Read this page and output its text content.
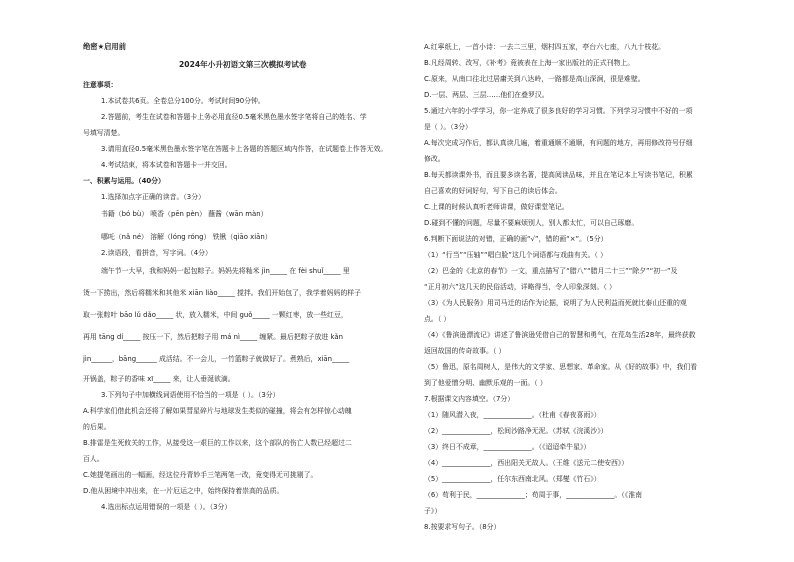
绝密★启用前
2024年小升初语文第三次模拟考试卷
注意事项：
1.本试卷共6页。全卷总分100分。考试时间90分钟。
2.答题前，考生在试卷和答题卡上务必用直径0.5毫米黑色墨水签字笔将自己的姓名、学
号填写清楚。
3.请用直径0.5毫米黑色墨水签字笔在答题卡上各题的答题区域内作答，在试题卷上作答无效。
4.考试结束，将本试卷和答题卡一并交回。
一、积累与运用。（40分）
1.选择加点字正确的读音。（3分）
书籍（bó bù） 喷香（pēn pèn） 蘸酱（wān màn）
哪吒（nǎ né） 溶解（lóng róng） 铁锹（qiāo xiān）
2.读语段，看拼音，写字词。（4分）
端午节一大早，我和妈妈一起包粽子。妈妈先将籼米 jìn_____ 在 fèi shuǐ_____ 里
烫一下捞出，然后将糯米和其他米 xiān liào_____ 搅拌。我们开始包了，我学着妈妈的样子
取一张粽叶 bāo lǔ dǎo_____ 状，放入糯米，中间 guǒ_____ 一颗红枣，放一些红豆，
再用 tāng dí_____ 按压一下，然后把粽子用 má nì_____ 缠紧。最后把粽子放进 kǎn
jìn______，bāng______ 成活结。不一会儿，一竹篮粽子就做好了。煮熟后，xiān_____
开锅盖，粽子的香味 xī_____ 来，让人垂涎欲滴。
3.下列句子中加横线词语使用不恰当的一项是（ ）。（3分）
A.科学家们借此机会还将了解如果彗星碎片与地球发生类似的碰撞，将会有怎样惊心动魄
的后果。
B.排雷是生死攸关的工作，从接受这一艰巨的工作以来，这个部队的伤亡人数已经超过二
百人。
C.她提笔画出的一幅画，经这位丹青妙手三笔两笔一改，竟变得无可挑剔了。
D.他从困境中冲出来，在一片厄运之中，始终保持着崇高的品质。
4.选出标点运用错误的一项是（ ）。（3分）
A.红寧纸上，一首小诗：一去二三里，烟村四五家，亭台六七座，八九十枝花。
B.凡经周转、改写，《补考》竟被表在上海一家出版社的正式刊物上。
C.原来，从南口往北过居庸关到八达岭，一路都是高山深涧，很是难壁。
D.一层、两层、三层……他们在叠罗汉。
5.通过六年的小学学习，你一定养成了很多良好的学习习惯。下列学习习惯中不好的一项
是（ ）。（3分）
A.每次完成习作后，都认真读几遍，着重通顺不通顺，有问题的地方，再用修改符号仔细
修改。
B.每天都读课外书，而且要多读名著，提高阅读品味，并且在笔记本上写读书笔记，积累
自己喜欢的好词好句，写下自己的读后体会。
C.上课的时候认真听老师讲课，做好课堂笔记。
D.碰到不懂的问题，尽量不要麻烦别人，别人都太忙，可以自己琢磨。
6.判断下面说法的对错，正确的画“√”，错的画“×”。（5分）
（1）“行当”“压轴”“唱白脸”这几个词语都与戏曲有关。（ ）
（2）巴金的《北京的春节》一文，重点描写了“腊八”“腊月二十三”“除夕”“初一”及
“正月初六”这几天的民俗活动，详略得当，令人印象深刻。（ ）
（3）《为人民服务》用司马迁的话作为论据，说明了为人民利益而死就比泰山还重的观
点。（ ）
（4）《鲁滨逊漂流记》讲述了鲁滨逊凭借自己的智慧和勇气，在荒岛生活28年，最终获救
返回故国的传奇故事。（ ）
（5）鲁迅，原名周树人，是伟大的文学家、思想家、革命家。从《好的故事》中，我们看
到了他爱憎分明、幽默乐观的一面。（ ）
7.根据课文内容填空。（7分）
（1）随风潜入夜，______________。（杜甫《春夜喜雨》）
（2）______________，松间沙路净无泥。（苏轼《浣溪沙》）
（3）终日不成章，______________。（《迢迢牵牛星》）
（4）______________，西出阳关无故人。（王维《送元二使安西》）
（5）______________，任尔东西南北风。（郑燮《竹石》）
（6）苟利于民，______________；苟周于事，______________。（《淮南
子》）
8.按要求写句子。（8分）
